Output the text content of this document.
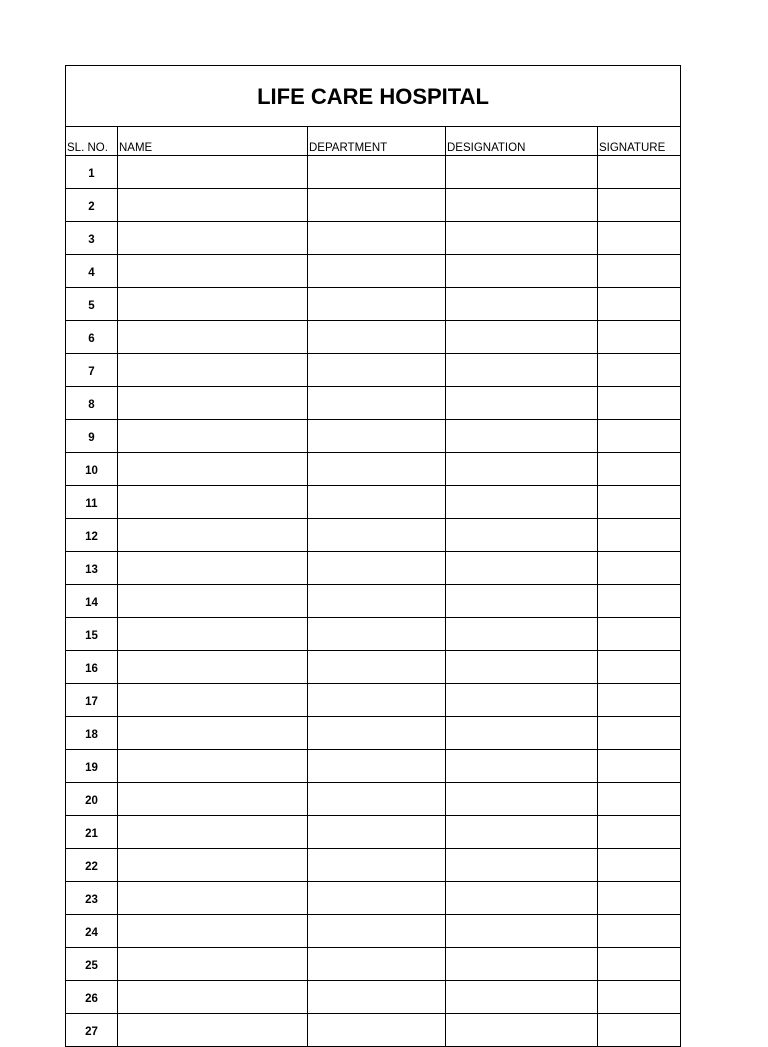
LIFE CARE HOSPITAL				
SL. NO.	NAME	DEPARTMENT	DESIGNATION	SIGNATURE
1				
2				
3				
4				
5				
6				
7				
8				
9				
10				
11				
12				
13				
14				
15				
16				
17				
18				
19				
20				
21				
22				
23				
24				
25				
26				
27				
